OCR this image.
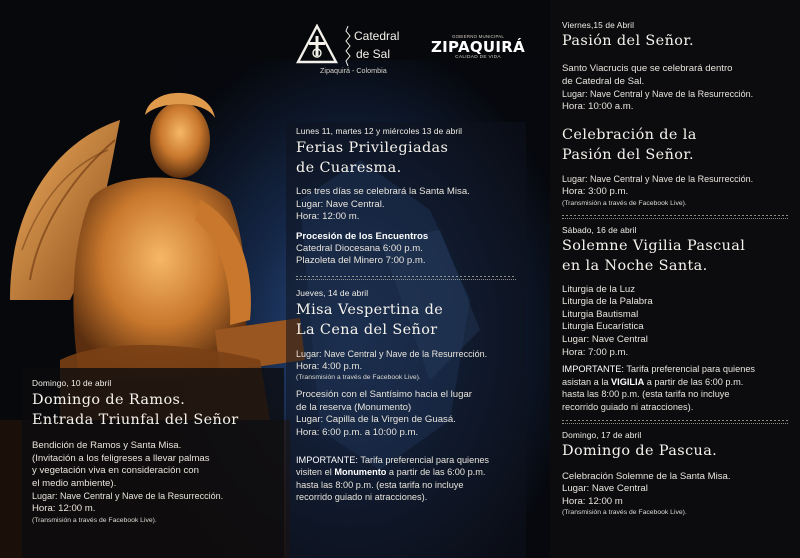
Catedral
de Sal
Zipaquirá - Colombia
GOBIERNO MUNICIPAL
ZIPAQUIRÁ
CALIDAD DE VIDA
Domingo, 10 de abril
Domingo de Ramos.
Entrada Triunfal del Señor
Bendición de Ramos y Santa Misa.
(Invitación a los feligreses a llevar palmas
y vegetación viva en consideración con
el medio ambiente).
Lugar: Nave Central y Nave de la Resurrección.
Hora: 12:00 m.
(Transmisión a través de Facebook Live).
Lunes 11, martes 12 y miércoles 13 de abril
Ferias Privilegiadas
de Cuaresma.
Los tres días se celebrará la Santa Misa.
Lugar: Nave Central.
Hora: 12:00 m.
Procesión de los Encuentros
Catedral Diocesana 6:00 p.m.
Plazoleta del Minero 7:00 p.m.
Jueves, 14 de abril
Misa Vespertina de
La Cena del Señor
Lugar: Nave Central y Nave de la Resurrección.
Hora: 4:00 p.m.
(Transmisión a través de Facebook Live).
Procesión con el Santísimo hacia el lugar
de la reserva (Monumento)
Lugar: Capilla de la Virgen de Guasá.
Hora: 6:00 p.m. a 10:00 p.m.
IMPORTANTE: Tarifa preferencial para quienes
visiten el Monumento a partir de las 6:00 p.m.
hasta las 8:00 p.m. (esta tarifa no incluye
recorrido guiado ni atracciones).
Viernes,15 de Abril
Pasión del Señor.
Santo Viacrucis que se celebrará dentro
de Catedral de Sal.
Lugar: Nave Central y Nave de la Resurrección.
Hora: 10:00 a.m.
Celebración de la
Pasión del Señor.
Lugar: Nave Central y Nave de la Resurrección.
Hora: 3:00 p.m.
(Transmisión a través de Facebook Live).
Sábado, 16 de abril
Solemne Vigilia Pascual
en la Noche Santa.
Liturgia de la Luz
Liturgia de la Palabra
Liturgia Bautismal
Liturgia Eucarística
Lugar: Nave Central
Hora: 7:00 p.m.
IMPORTANTE: Tarifa preferencial para quienes
asistan a la VIGILIA a partir de las 6:00 p.m.
hasta las 8:00 p.m. (esta tarifa no incluye
recorrido guiado ni atracciones).
Domingo, 17 de abril
Domingo de Pascua.
Celebración Solemne de la Santa Misa.
Lugar: Nave Central
Hora: 12:00 m
(Transmisión a través de Facebook Live).
